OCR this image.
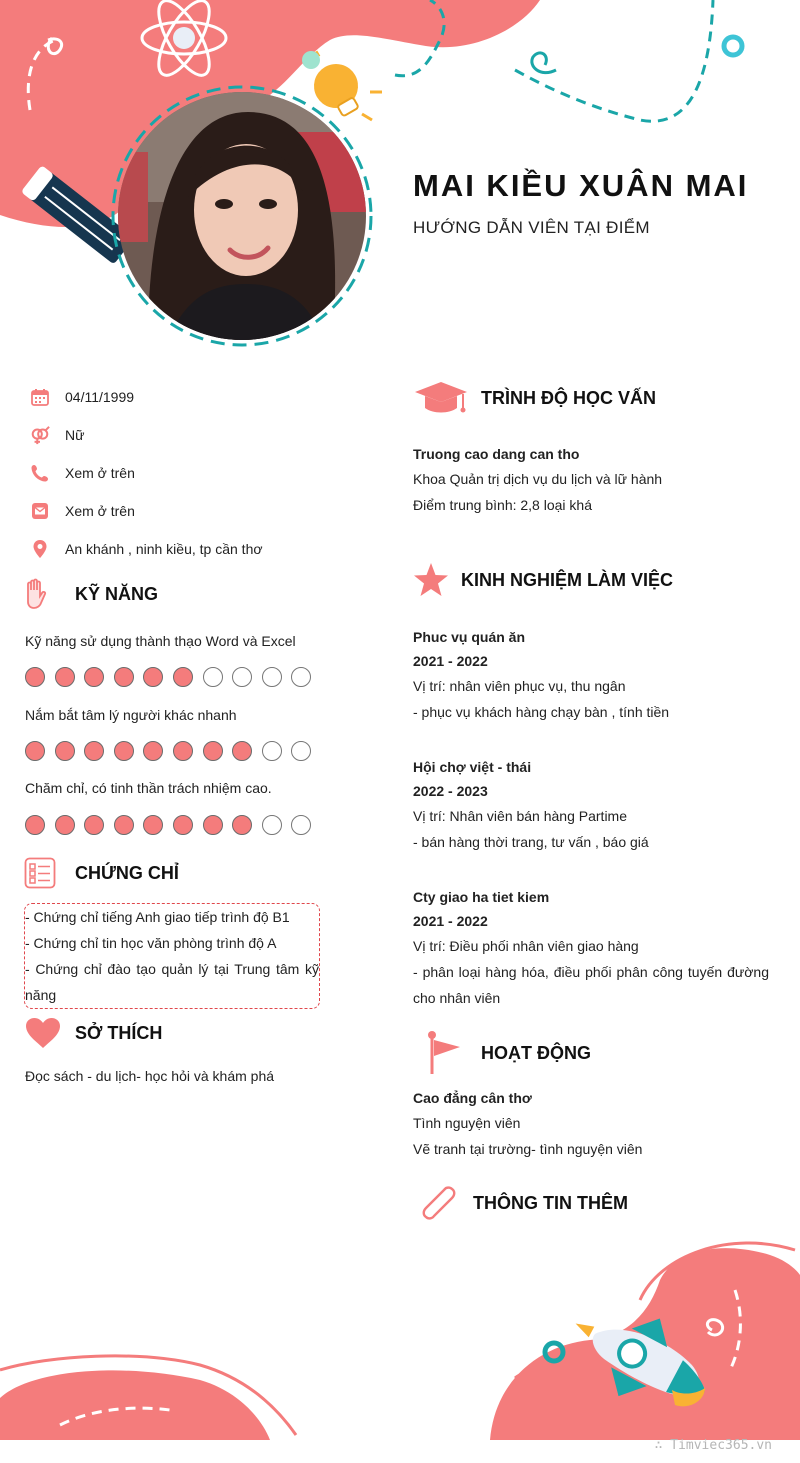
MAI KIỀU XUÂN MAI
HƯỚNG DẪN VIÊN TẠI ĐIỂM
04/11/1999
Nữ
Xem ở trên
Xem ở trên
An khánh , ninh kiều, tp cần thơ
KỸ NĂNG
Kỹ năng sử dụng thành thạo Word và Excel
Nắm bắt tâm lý người khác nhanh
Chăm chỉ, có tinh thần trách nhiệm cao.
CHỨNG CHỈ
- Chứng chỉ tiếng Anh giao tiếp trình độ B1
- Chứng chỉ tin học văn phòng trình độ A
- Chứng chỉ đào tạo quản lý tại Trung tâm kỹ
năng
SỞ THÍCH
Đọc sách - du lịch- học hỏi và khám phá
TRÌNH ĐỘ HỌC VẤN
Truong cao dang can tho
Khoa Quản trị dịch vụ du lịch và lữ hành
Điểm trung bình: 2,8 loại khá
KINH NGHIỆM LÀM VIỆC
Phuc vụ quán ăn
2021 - 2022
Vị trí: nhân viên phục vụ, thu ngân
- phục vụ khách hàng chạy bàn , tính tiền
Hội chợ việt - thái
2022 - 2023
Vị trí: Nhân viên bán hàng Partime
- bán hàng thời trang, tư vấn , báo giá
Cty giao ha tiet kiem
2021 - 2022
Vị trí: Điều phối nhân viên giao hàng
- phân loại hàng hóa, điều phối phân công tuyến đường
cho nhân viên
HOẠT ĐỘNG
Cao đẳng cân thơ
Tình nguyện viên
Vẽ tranh tại trường- tình nguyện viên
THÔNG TIN THÊM
∴ Timviec365.vn
